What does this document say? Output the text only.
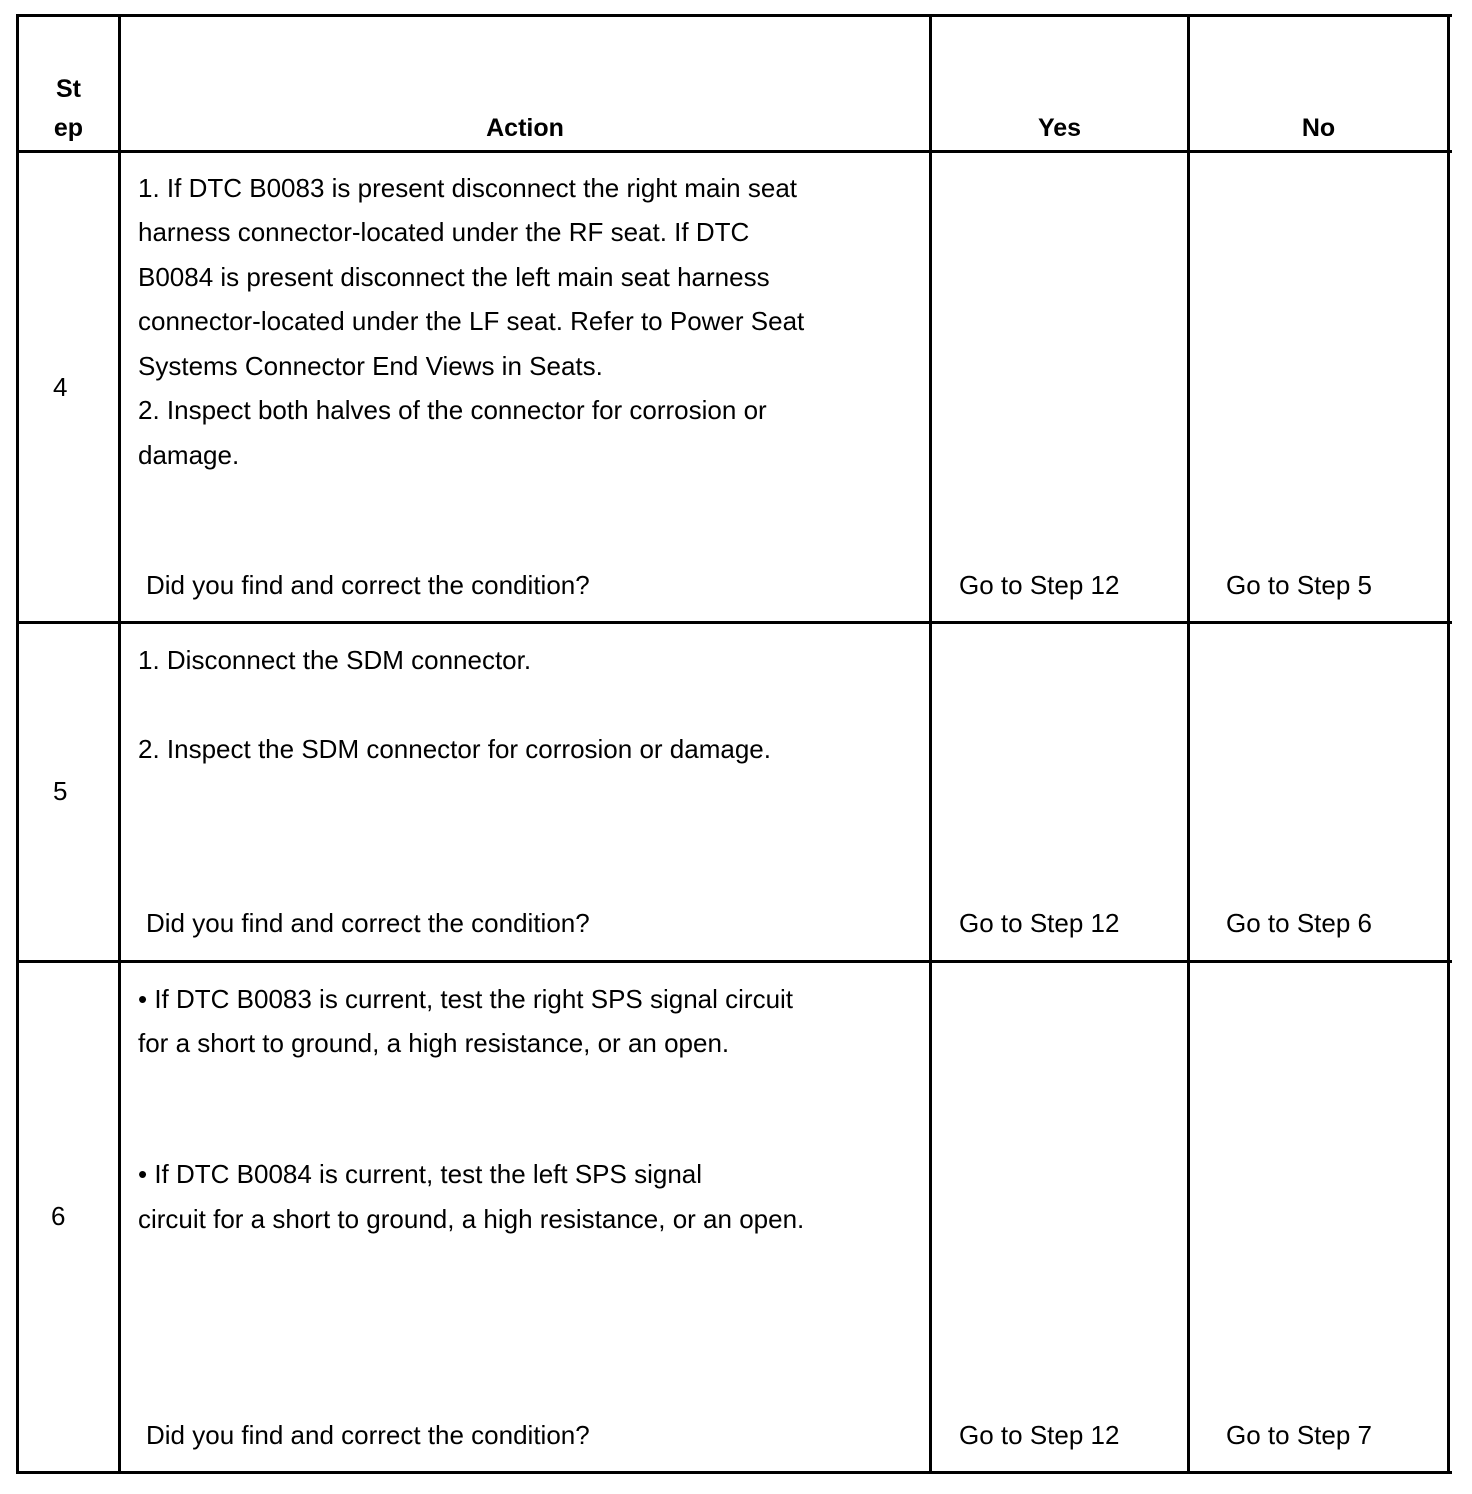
St
ep	Action	Yes	No
4
1. If DTC B0083 is present disconnect the right main seat
harness connector-located under the RF seat. If DTC
B0084 is present disconnect the left main seat harness
connector-located under the LF seat. Refer to Power Seat
Systems Connector End Views in Seats.
2. Inspect both halves of the connector for corrosion or
damage.
Did you find and correct the condition?	Go to Step 12	Go to Step 5
5
1. Disconnect the SDM connector.
2. Inspect the SDM connector for corrosion or damage.
Did you find and correct the condition?	Go to Step 12	Go to Step 6
6
• If DTC B0083 is current, test the right SPS signal circuit
for a short to ground, a high resistance, or an open.
• If DTC B0084 is current, test the left SPS signal
circuit for a short to ground, a high resistance, or an open.
Did you find and correct the condition?	Go to Step 12	Go to Step 7
